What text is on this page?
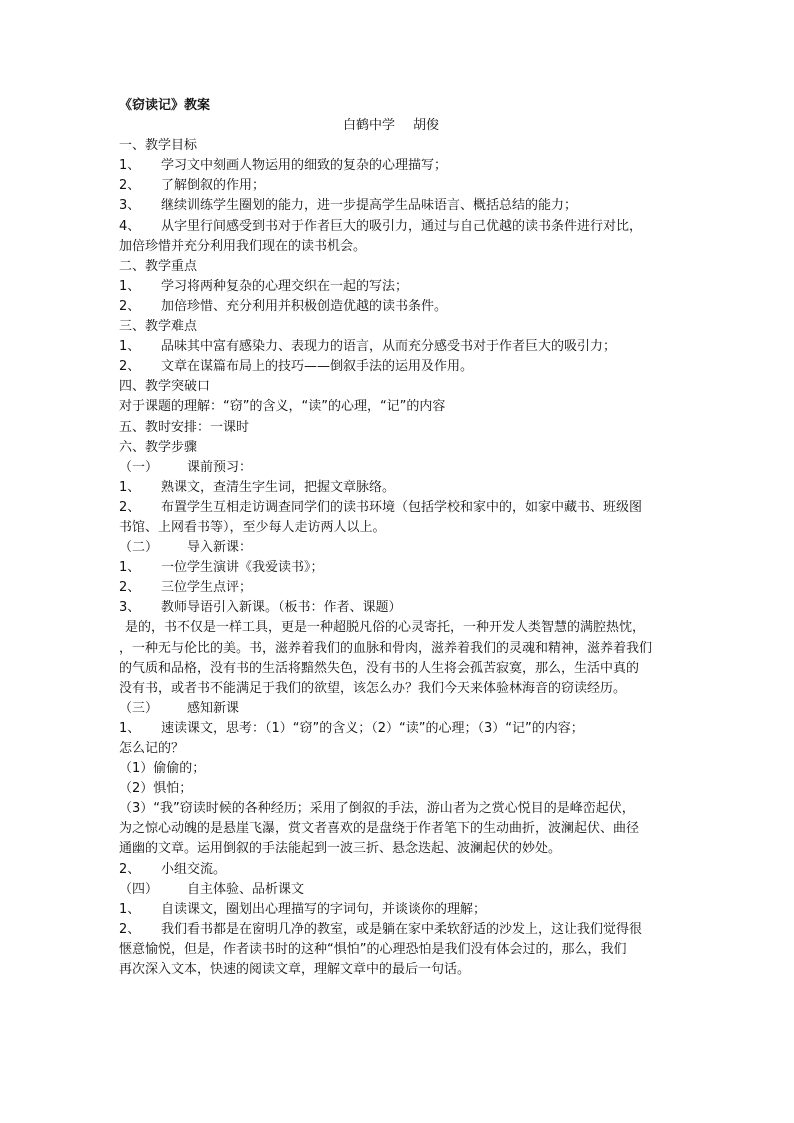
《窃读记》教案
白鹤中学 胡俊
一、教学目标
1、 学习文中刻画人物运用的细致的复杂的心理描写；
2、 了解倒叙的作用；
3、 继续训练学生圈划的能力，进一步提高学生品味语言、概括总结的能力；
4、 从字里行间感受到书对于作者巨大的吸引力，通过与自己优越的读书条件进行对比，
加倍珍惜并充分利用我们现在的读书机会。
二、教学重点
1、 学习将两种复杂的心理交织在一起的写法；
2、 加倍珍惜、充分利用并积极创造优越的读书条件。
三、教学难点
1、 品味其中富有感染力、表现力的语言，从而充分感受书对于作者巨大的吸引力；
2、 文章在谋篇布局上的技巧——倒叙手法的运用及作用。
四、教学突破口
对于课题的理解：“窃”的含义，“读”的心理，“记”的内容
五、教时安排：一课时
六、教学步骤
（一） 课前预习：
1、 熟课文，查清生字生词，把握文章脉络。
2、 布置学生互相走访调查同学们的读书环境（包括学校和家中的，如家中藏书、班级图
书馆、上网看书等），至少每人走访两人以上。
（二） 导入新课：
1、 一位学生演讲《我爱读书》；
2、 三位学生点评；
3、 教师导语引入新课。（板书：作者、课题）
是的，书不仅是一样工具，更是一种超脱凡俗的心灵寄托，一种开发人类智慧的满腔热忱，
，一种无与伦比的美。书，滋养着我们的血脉和骨肉，滋养着我们的灵魂和精神，滋养着我们
的气质和品格，没有书的生活将黯然失色，没有书的人生将会孤苦寂寞，那么，生活中真的
没有书，或者书不能满足于我们的欲望，该怎么办？我们今天来体验林海音的窃读经历。
（三） 感知新课
1、 速读课文，思考：（1）“窃”的含义；（2）“读”的心理；（3）“记”的内容；
怎么记的？
（1）偷偷的；
（2）惧怕；
（3）“我”窃读时候的各种经历；采用了倒叙的手法，游山者为之赏心悦目的是峰峦起伏，
为之惊心动魄的是悬崖飞瀑，赏文者喜欢的是盘绕于作者笔下的生动曲折，波澜起伏、曲径
通幽的文章。运用倒叙的手法能起到一波三折、悬念迭起、波澜起伏的妙处。
2、 小组交流。
（四） 自主体验、品析课文
1、 自读课文，圈划出心理描写的字词句，并谈谈你的理解；
2、 我们看书都是在窗明几净的教室，或是躺在家中柔软舒适的沙发上，这让我们觉得很
惬意愉悦，但是，作者读书时的这种“惧怕”的心理恐怕是我们没有体会过的，那么，我们
再次深入文本，快速的阅读文章，理解文章中的最后一句话。
